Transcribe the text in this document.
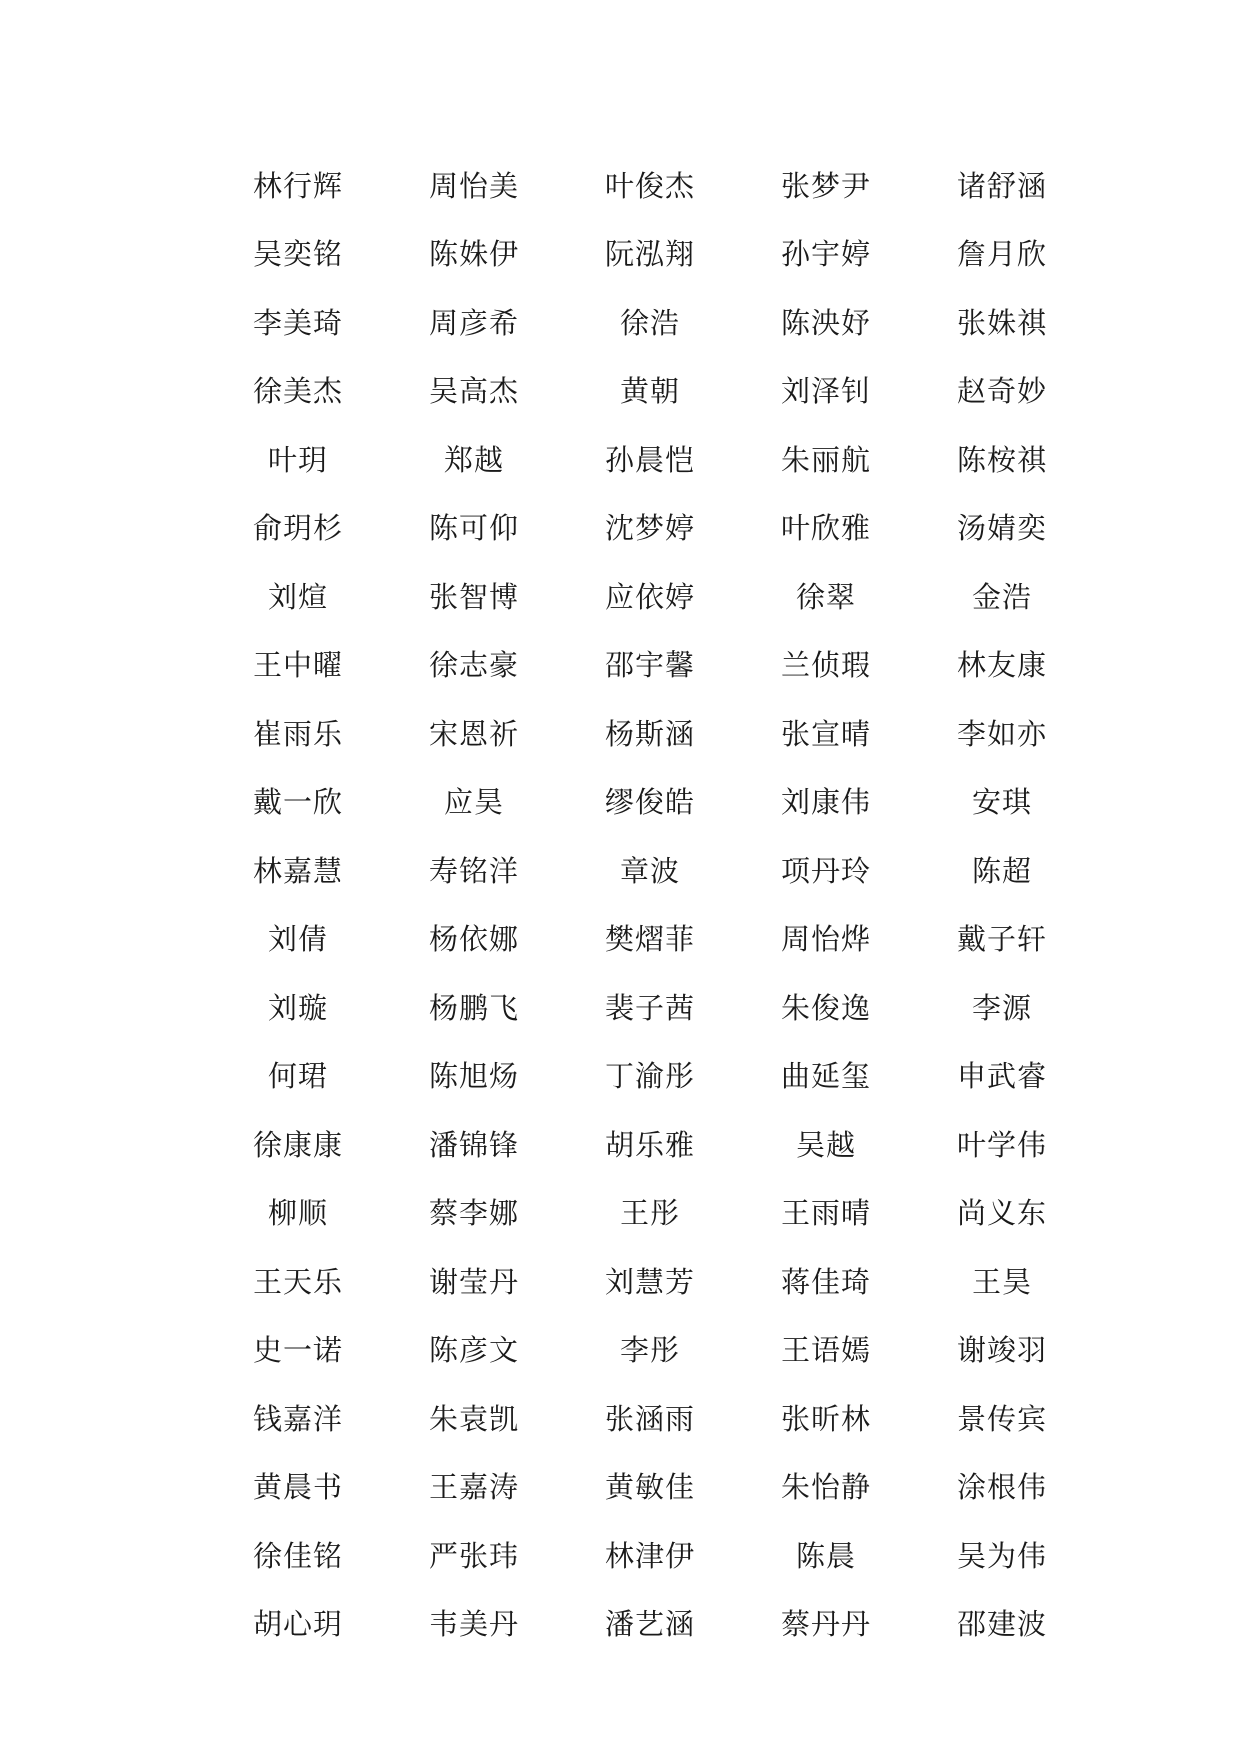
林行辉	周怡美	叶俊杰	张梦尹	诸舒涵
吴奕铭	陈姝伊	阮泓翔	孙宇婷	詹月欣
李美琦	周彦希	徐浩	陈泱妤	张姝祺
徐美杰	吴高杰	黄朝	刘泽钊	赵奇妙
叶玥	郑越	孙晨恺	朱丽航	陈桉祺
俞玥杉	陈可仰	沈梦婷	叶欣雅	汤婧奕
刘煊	张智博	应依婷	徐翠	金浩
王中曜	徐志豪	邵宇馨	兰侦瑕	林友康
崔雨乐	宋恩祈	杨斯涵	张宣晴	李如亦
戴一欣	应昊	缪俊皓	刘康伟	安琪
林嘉慧	寿铭洋	章波	项丹玲	陈超
刘倩	杨依娜	樊熠菲	周怡烨	戴子轩
刘璇	杨鹏飞	裴子茜	朱俊逸	李源
何珺	陈旭炀	丁渝彤	曲延玺	申武睿
徐康康	潘锦锋	胡乐雅	吴越	叶学伟
柳顺	蔡李娜	王彤	王雨晴	尚义东
王天乐	谢莹丹	刘慧芳	蒋佳琦	王昊
史一诺	陈彦文	李彤	王语嫣	谢竣羽
钱嘉洋	朱袁凯	张涵雨	张昕林	景传宾
黄晨书	王嘉涛	黄敏佳	朱怡静	涂根伟
徐佳铭	严张玮	林津伊	陈晨	吴为伟
胡心玥	韦美丹	潘艺涵	蔡丹丹	邵建波
